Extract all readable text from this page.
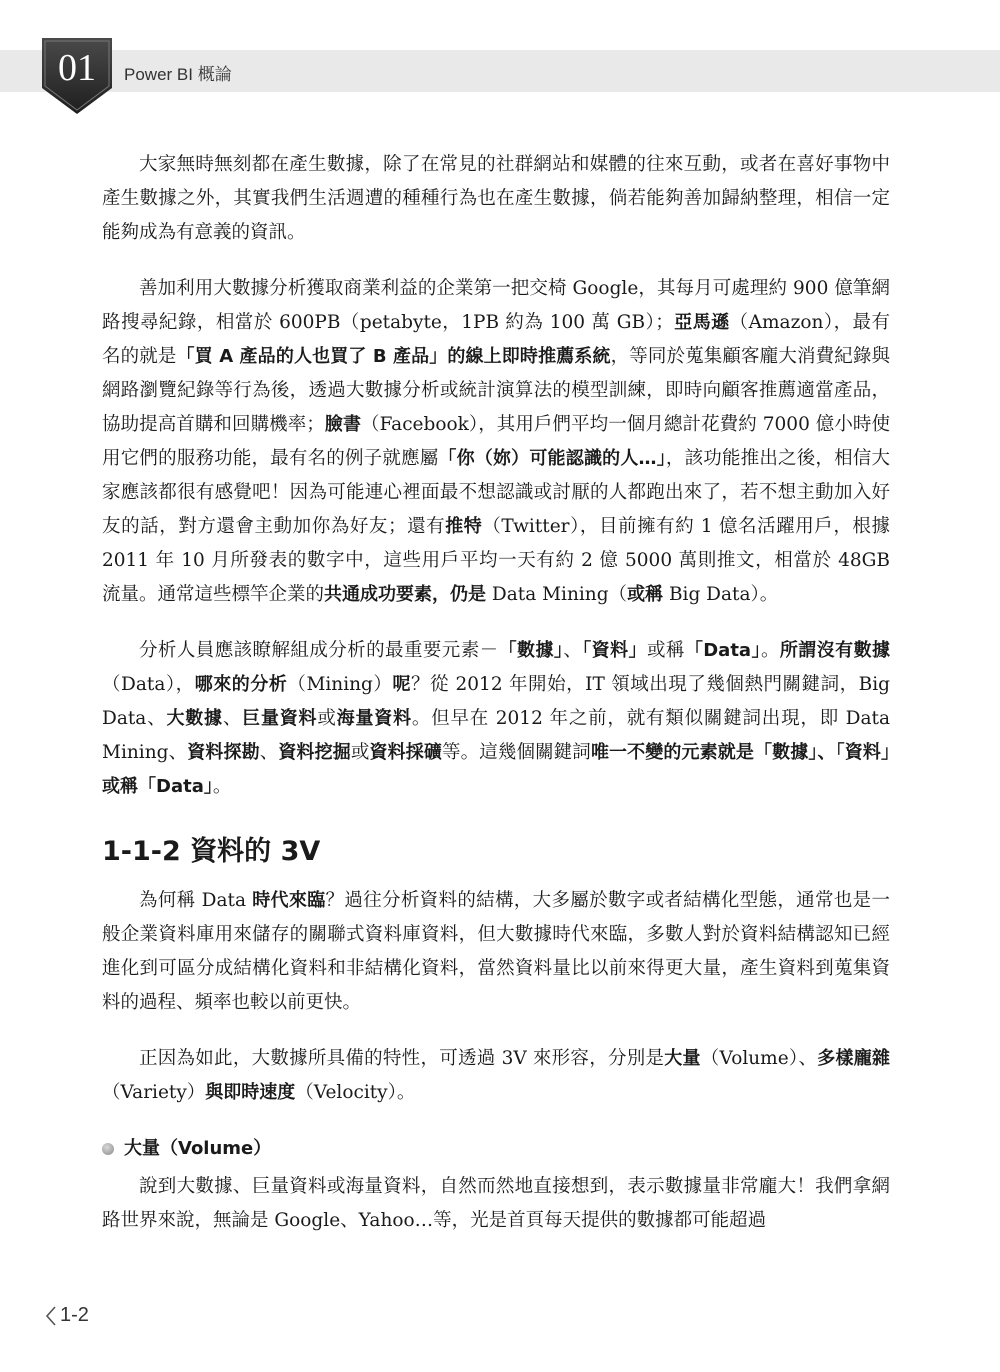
01	Power BI 概論

大家無時無刻都在產生數據，除了在常見的社群網站和媒體的往來互動，或者在喜好事物中產生數據之外，其實我們生活週遭的種種行為也在產生數據，倘若能夠善加歸納整理，相信一定能夠成為有意義的資訊。

善加利用大數據分析獲取商業利益的企業第一把交椅 Google，其每月可處理約 900 億筆網路搜尋紀錄，相當於 600PB（petabyte，1PB 約為 100 萬 GB）；亞馬遜（Amazon），最有名的就是「買 A 產品的人也買了 B 產品」的線上即時推薦系統，等同於蒐集顧客龐大消費紀錄與網路瀏覽紀錄等行為後，透過大數據分析或統計演算法的模型訓練，即時向顧客推薦適當產品，協助提高首購和回購機率；臉書（Facebook），其用戶們平均一個月總計花費約 7000 億小時使用它們的服務功能，最有名的例子就應屬「你（妳）可能認識的人…」，該功能推出之後，相信大家應該都很有感覺吧！因為可能連心裡面最不想認識或討厭的人都跑出來了，若不想主動加入好友的話，對方還會主動加你為好友；還有推特（Twitter），目前擁有約 1 億名活躍用戶，根據 2011 年 10 月所發表的數字中，這些用戶平均一天有約 2 億 5000 萬則推文，相當於 48GB 流量。通常這些標竿企業的共通成功要素，仍是 Data Mining（或稱 Big Data）。

分析人員應該瞭解組成分析的最重要元素－「數據」、「資料」或稱「Data」。所謂沒有數據（Data），哪來的分析（Mining）呢？從 2012 年開始，IT 領域出現了幾個熱門關鍵詞，Big Data、大數據、巨量資料或海量資料。但早在 2012 年之前，就有類似關鍵詞出現，即 Data Mining、資料探勘、資料挖掘或資料採礦等。這幾個關鍵詞唯一不變的元素就是「數據」、「資料」或稱「Data」。

1-1-2 資料的 3V

為何稱 Data 時代來臨？過往分析資料的結構，大多屬於數字或者結構化型態，通常也是一般企業資料庫用來儲存的關聯式資料庫資料，但大數據時代來臨，多數人對於資料結構認知已經進化到可區分成結構化資料和非結構化資料，當然資料量比以前來得更大量，產生資料到蒐集資料的過程、頻率也較以前更快。

正因為如此，大數據所具備的特性，可透過 3V 來形容，分別是大量（Volume）、多樣龐雜（Variety）與即時速度（Velocity）。

大量（Volume）

說到大數據、巨量資料或海量資料，自然而然地直接想到，表示數據量非常龐大！我們拿網路世界來說，無論是 Google、Yahoo…等，光是首頁每天提供的數據都可能超過

1-2
